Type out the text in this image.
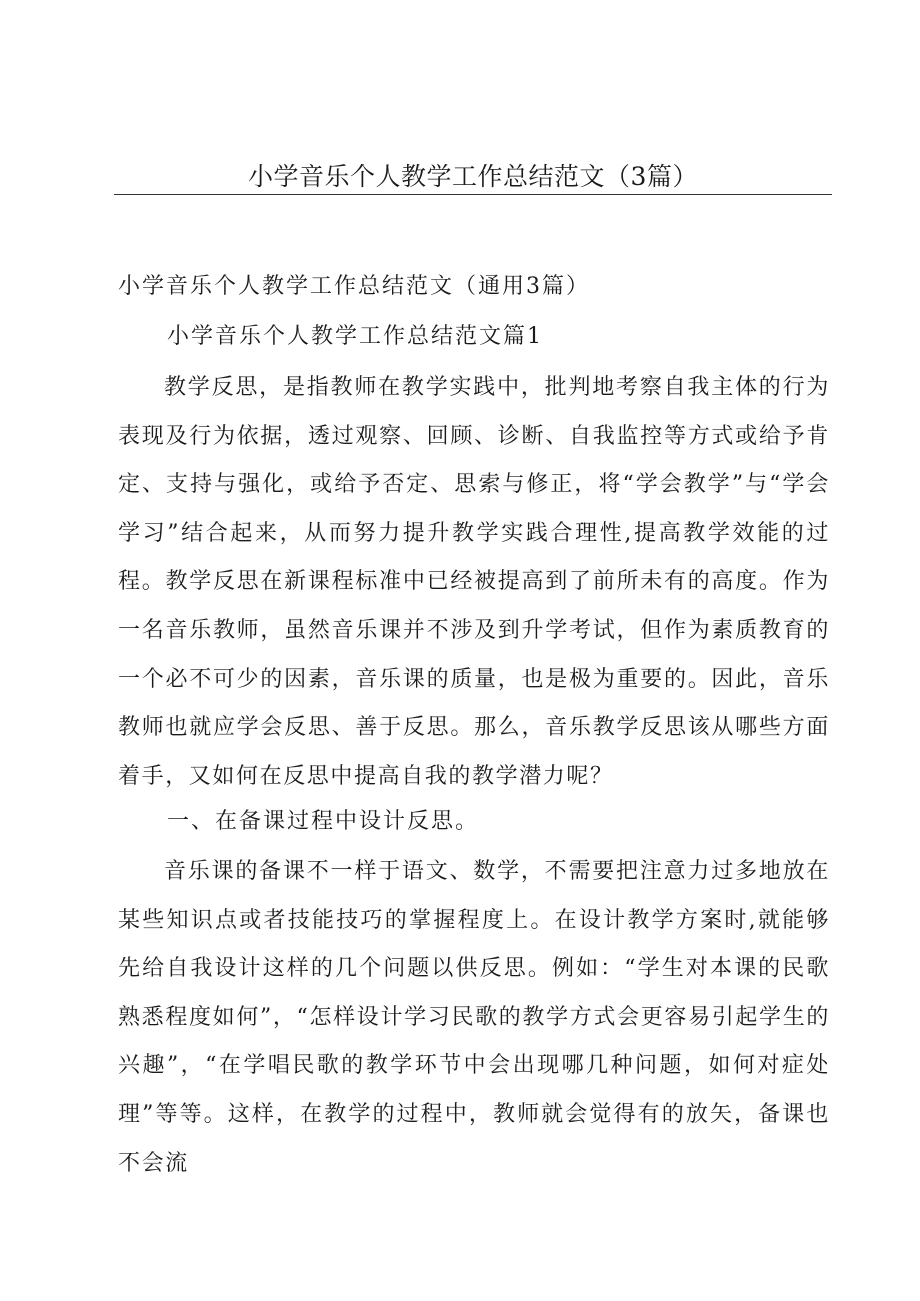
小学音乐个人教学工作总结范文（3篇）

小学音乐个人教学工作总结范文（通用3篇）

小学音乐个人教学工作总结范文篇1

教学反思，是指教师在教学实践中，批判地考察自我主体的行为表现及行为依据，透过观察、回顾、诊断、自我监控等方式或给予肯定、支持与强化，或给予否定、思索与修正，将“学会教学”与“学会学习”结合起来，从而努力提升教学实践合理性,提高教学效能的过程。教学反思在新课程标准中已经被提高到了前所未有的高度。作为一名音乐教师，虽然音乐课并不涉及到升学考试，但作为素质教育的一个必不可少的因素，音乐课的质量，也是极为重要的。因此，音乐教师也就应学会反思、善于反思。那么，音乐教学反思该从哪些方面着手，又如何在反思中提高自我的教学潜力呢？

一、在备课过程中设计反思。

音乐课的备课不一样于语文、数学，不需要把注意力过多地放在某些知识点或者技能技巧的掌握程度上。在设计教学方案时,就能够先给自我设计这样的几个问题以供反思。例如：“学生对本课的民歌熟悉程度如何”，“怎样设计学习民歌的教学方式会更容易引起学生的兴趣”，“在学唱民歌的教学环节中会出现哪几种问题，如何对症处理”等等。这样，在教学的过程中，教师就会觉得有的放矢，备课也不会流
